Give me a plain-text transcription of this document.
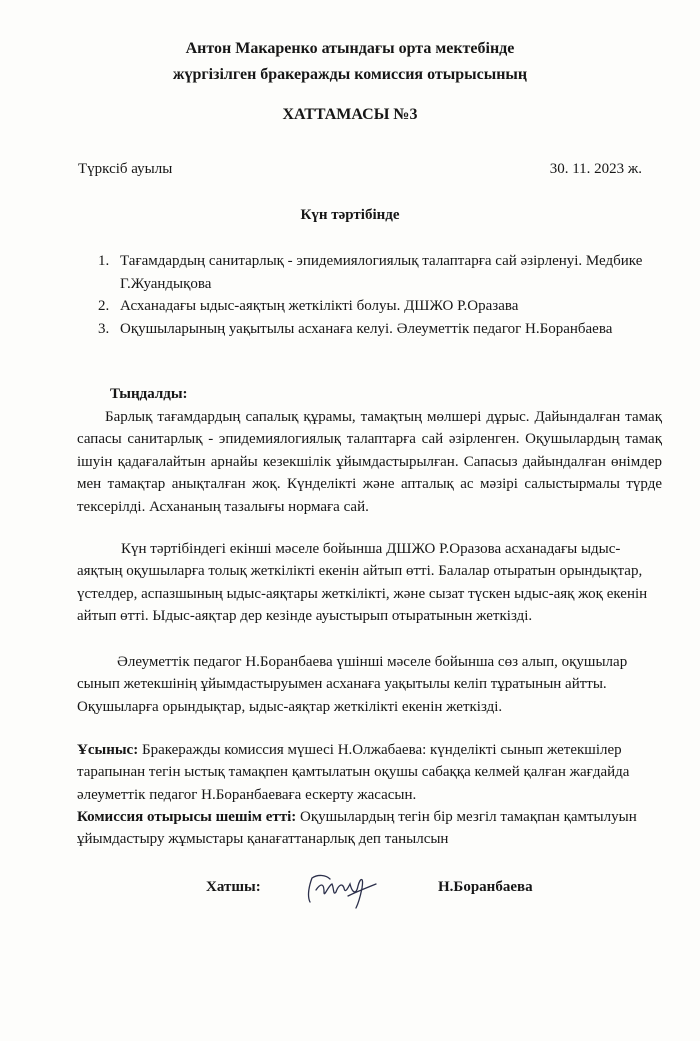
Антон Макаренко атындағы орта мектебінде
жүргізілген бракеражды комиссия отырысының
ХАТТАМАСЫ №3
Түрксіб ауылы	30. 11. 2023 ж.
Күн тәртібінде
1. Тағамдардың санитарлық - эпидемиялогиялық талаптарға сай әзірленуі. Медбике Г.Жуандықова
2. Асханадағы ыдыс-аяқтың жеткілікті болуы. ДШЖО Р.Оразава
3. Оқушыларының уақытылы асханаға келуі. Әлеуметтік педагог Н.Боранбаева
Тыңдалды:
Барлық тағамдардың сапалық құрамы, тамақтың мөлшері дұрыс. Дайындалған тамақ сапасы санитарлық - эпидемиялогиялық талаптарға сай әзірленген. Оқушылардың тамақ ішуін қадағалайтын арнайы кезекшілік ұйымдастырылған. Сапасыз дайындалған өнімдер мен тамақтар анықталған жоқ. Күнделікті және апталық ас мәзірі салыстырмалы түрде тексерілді. Асхананың тазалығы нормаға сай.
Күн тәртібіндегі екінші мәселе бойынша ДШЖО Р.Оразова асханадағы ыдыс-аяқтың оқушыларға толық жеткілікті екенін айтып өтті. Балалар отыратын орындықтар, үстелдер, аспазшының ыдыс-аяқтары жеткілікті, және сызат түскен ыдыс-аяқ жоқ екенін айтып өтті. Ыдыс-аяқтар дер кезінде ауыстырып отыратынын жеткізді.
Әлеуметтік педагог Н.Боранбаева үшінші мәселе бойынша сөз алып, оқушылар сынып жетекшінің ұйымдастыруымен асханаға уақытылы келіп тұратынын айтты. Оқушыларға орындықтар, ыдыс-аяқтар жеткілікті екенін жеткізді.
Ұсыныс: Бракеражды комиссия мүшесі Н.Олжабаева: күнделікті сынып жетекшілер тарапынан тегін ыстық тамақпен қамтылатын оқушы сабаққа келмей қалған жағдайда әлеуметтік педагог Н.Боранбаеваға ескерту жасасын.
Комиссия отырысы шешім етті: Оқушылардың тегін бір мезгіл тамақпан қамтылуын ұйымдастыру жұмыстары қанағаттанарлық деп танылсын
Хатшы:	Н.Боранбаева
